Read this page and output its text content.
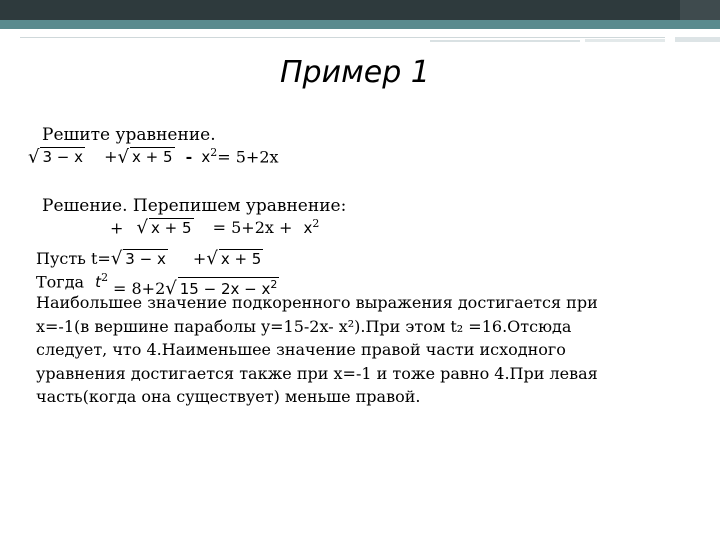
Пример 1
Решите уравнение.
√ 3 − x +√ $x + 5 - x^2= 5+2x$
Решение. Перепишем уравнение:
+ √ $x + 5 = 5+2x + x^2$
Пусть t=√ 3 − x +√ x + 5
Тогда $t^2$
= 8+2√ $15 - 2x - x^2$
Наибольшее значение подкоренного выражения достигается при x=-1(в вершине параболы y=15-2x- x²).При этом t₂ =16.Отсюда следует, что 4.Наименьшее значение правой части исходного уравнения достигается также при x=-1 и тоже равно 4.При левая часть(когда она существует) меньше правой.
